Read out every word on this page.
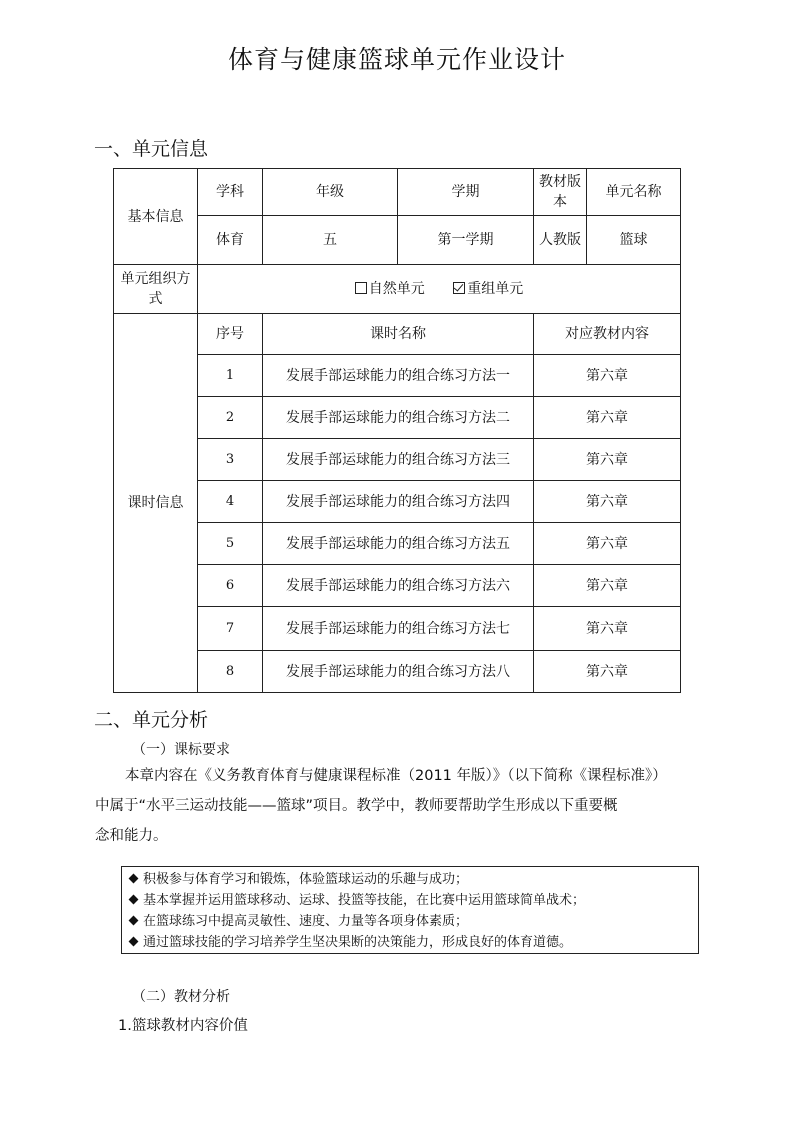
体育与健康篮球单元作业设计
一、单元信息
基本信息	学科	年级	学期	教材版本	单元名称
	体育	五	第一学期	人教版	篮球
单元组织方式	自然单元 重组单元				
课时信息	序号	课时名称		对应教材内容	
	1	发展手部运球能力的组合练习方法一		第六章	
	2	发展手部运球能力的组合练习方法二		第六章	
	3	发展手部运球能力的组合练习方法三		第六章	
	4	发展手部运球能力的组合练习方法四		第六章	
	5	发展手部运球能力的组合练习方法五		第六章	
	6	发展手部运球能力的组合练习方法六		第六章	
	7	发展手部运球能力的组合练习方法七		第六章	
	8	发展手部运球能力的组合练习方法八		第六章	
二、单元分析
（一）课标要求
本章内容在《义务教育体育与健康课程标准（2011 年版）》（以下简称《课程标准》）
中属于“水平三运动技能——篮球”项目。教学中，教师要帮助学生形成以下重要概
念和能力。
积极参与体育学习和锻炼，体验篮球运动的乐趣与成功；
基本掌握并运用篮球移动、运球、投篮等技能，在比赛中运用篮球简单战术；
在篮球练习中提高灵敏性、速度、力量等各项身体素质；
通过篮球技能的学习培养学生坚决果断的决策能力，形成良好的体育道德。
（二）教材分析
1.篮球教材内容价值
